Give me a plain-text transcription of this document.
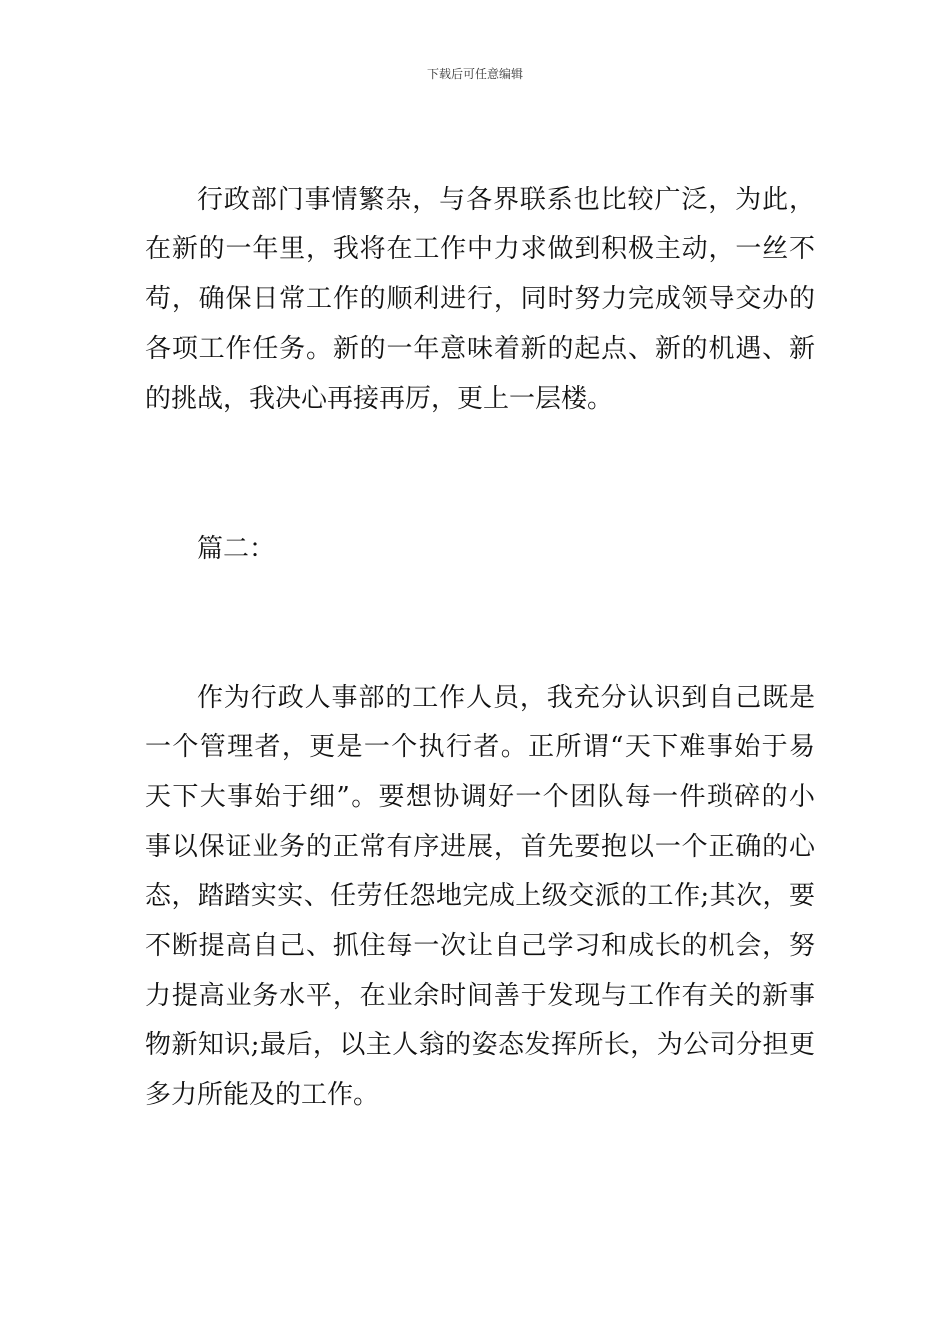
下载后可任意编辑
行政部门事情繁杂，与各界联系也比较广泛，为此，
在新的一年里，我将在工作中力求做到积极主动，一丝不
苟，确保日常工作的顺利进行，同时努力完成领导交办的
各项工作任务。新的一年意味着新的起点、新的机遇、新
的挑战，我决心再接再厉，更上一层楼。
篇二：
作为行政人事部的工作人员，我充分认识到自己既是
一个管理者，更是一个执行者。正所谓“天下难事始于易
天下大事始于细”。要想协调好一个团队每一件琐碎的小
事以保证业务的正常有序进展，首先要抱以一个正确的心
态，踏踏实实、任劳任怨地完成上级交派的工作;其次，要
不断提高自己、抓住每一次让自己学习和成长的机会，努
力提高业务水平，在业余时间善于发现与工作有关的新事
物新知识;最后，以主人翁的姿态发挥所长，为公司分担更
多力所能及的工作。
